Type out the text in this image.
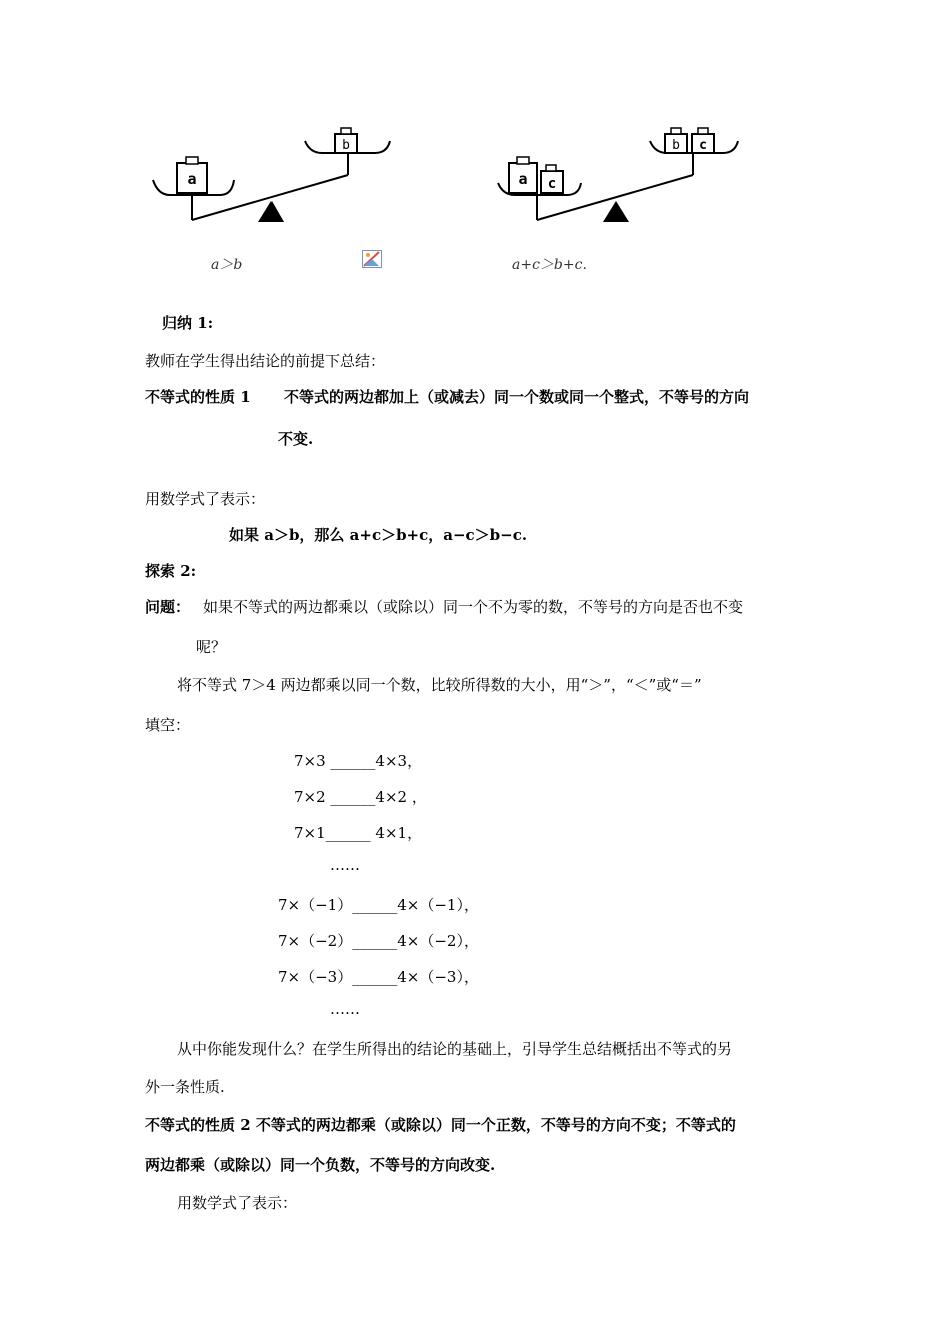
a
b
a＞b
a c
b c
a+c＞b+c.
归纳 1:
教师在学生得出结论的前提下总结：
不等式的性质 1 不等式的两边都加上（或减去）同一个数或同一个整式，不等号的方向
不变.
用数学式了表示：
如果 a＞b，那么 a+c＞b+c，a−c＞b−c.
探索 2:
问题： 如果不等式的两边都乘以（或除以）同一个不为零的数，不等号的方向是否也不变
呢？
将不等式 7＞4 两边都乘以同一个数，比较所得数的大小，用“＞”，“＜”或“＝”
填空：
7×3 ______4×3，
7×2 ______4×2 ，
7×1______ 4×1，
……
7×（−1）______4×（−1），
7×（−2）______4×（−2），
7×（−3）______4×（−3），
……
从中你能发现什么？在学生所得出的结论的基础上，引导学生总结概括出不等式的另
外一条性质.
不等式的性质 2 不等式的两边都乘（或除以）同一个正数，不等号的方向不变；不等式的
两边都乘（或除以）同一个负数，不等号的方向改变.
用数学式了表示：
